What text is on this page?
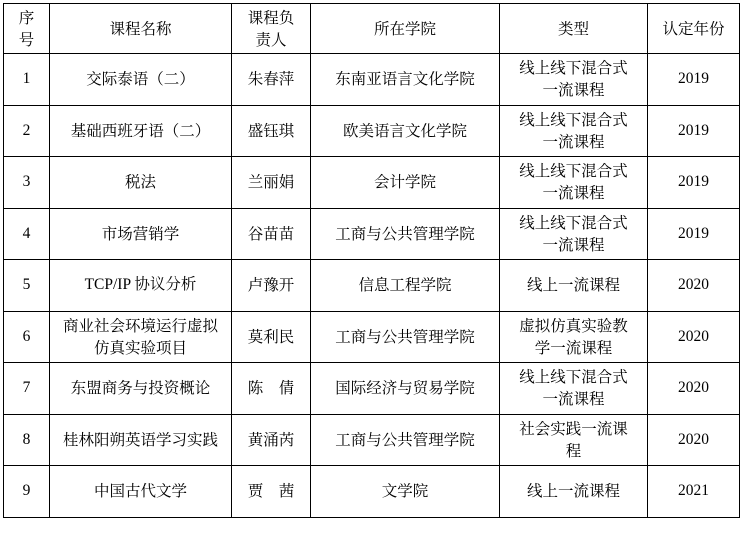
序号	课程名称	课程负责人	所在学院	类型	认定年份
1	交际泰语（二）	朱春萍	东南亚语言文化学院	线上线下混合式一流课程	2019
2	基础西班牙语（二）	盛钰琪	欧美语言文化学院	线上线下混合式一流课程	2019
3	税法	兰丽娟	会计学院	线上线下混合式一流课程	2019
4	市场营销学	谷苗苗	工商与公共管理学院	线上线下混合式一流课程	2019
5	TCP/IP 协议分析	卢豫开	信息工程学院	线上一流课程	2020
6	商业社会环境运行虚拟仿真实验项目	莫利民	工商与公共管理学院	虚拟仿真实验教学一流课程	2020
7	东盟商务与投资概论	陈　倩	国际经济与贸易学院	线上线下混合式一流课程	2020
8	桂林阳朔英语学习实践	黄涌芮	工商与公共管理学院	社会实践一流课程	2020
9	中国古代文学	贾　茜	文学院	线上一流课程	2021
